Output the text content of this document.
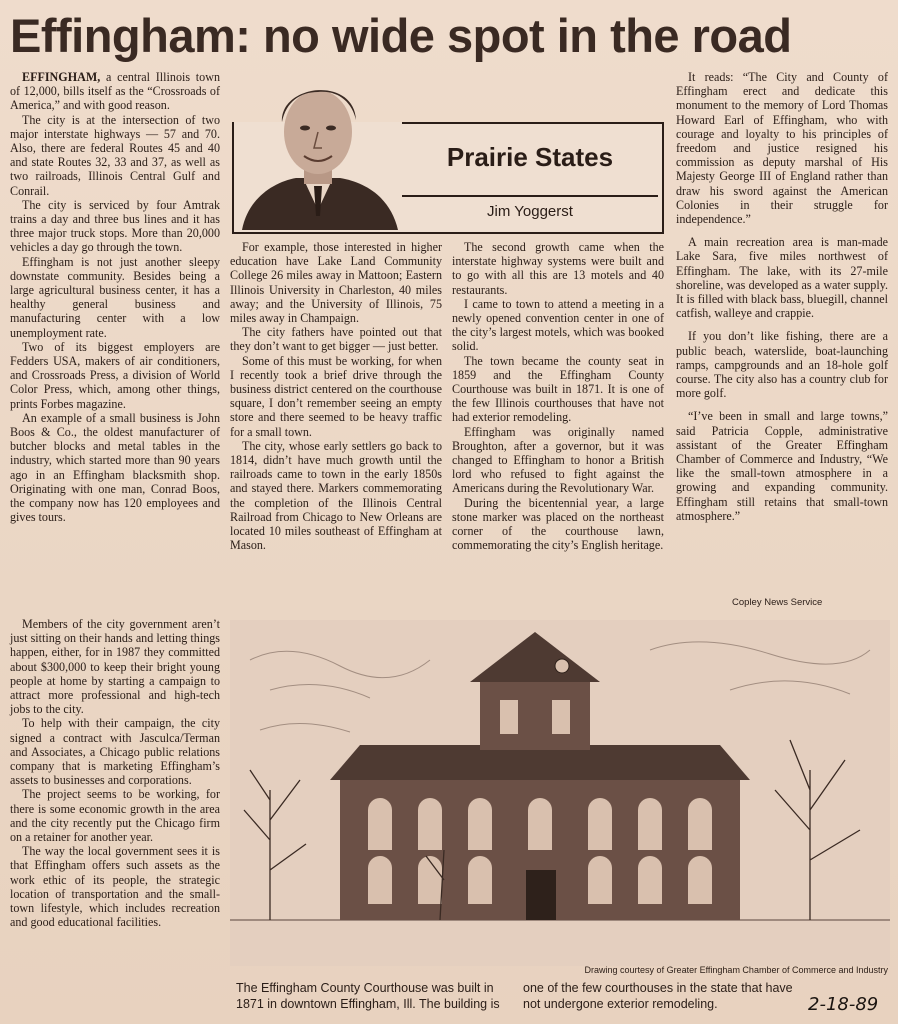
Effingham: no wide spot in the road

EFFINGHAM, a central Illinois town of 12,000, bills itself as the “Crossroads of America,” and with good reason.

The city is at the intersection of two major interstate highways — 57 and 70. Also, there are federal Routes 45 and 40 and state Routes 32, 33 and 37, as well as two railroads, Illinois Central Gulf and Conrail.

The city is serviced by four Amtrak trains a day and three bus lines and it has three major truck stops. More than 20,000 vehicles a day go through the town.

Effingham is not just another sleepy downstate community. Besides being a large agricultural business center, it has a healthy general business and manufacturing center with a low unemployment rate.

Two of its biggest employers are Fedders USA, makers of air conditioners, and Crossroads Press, a division of World Color Press, which, among other things, prints Forbes magazine.

An example of a small business is John Boos & Co., the oldest manufacturer of butcher blocks and metal tables in the industry, which started more than 90 years ago in an Effingham blacksmith shop. Originating with one man, Conrad Boos, the company now has 120 employees and gives tours.

Members of the city government aren’t just sitting on their hands and letting things happen, either, for in 1987 they committed about $300,000 to keep their bright young people at home by starting a campaign to attract more professional and high-tech jobs to the city.

To help with their campaign, the city signed a contract with Jasculca/Terman and Associates, a Chicago public relations company that is marketing Effingham’s assets to businesses and corporations.

The project seems to be working, for there is some economic growth in the area and the city recently put the Chicago firm on a retainer for another year.

The way the local government sees it is that Effingham offers such assets as the work ethic of its people, the strategic location of transportation and the small-town lifestyle, which includes recreation and good educational facilities.

Prairie States
Jim Yoggerst

For example, those interested in higher education have Lake Land Community College 26 miles away in Mattoon; Eastern Illinois University in Charleston, 40 miles away; and the University of Illinois, 75 miles away in Champaign.

The city fathers have pointed out that they don’t want to get bigger — just better.

Some of this must be working, for when I recently took a brief drive through the business district centered on the courthouse square, I don’t remember seeing an empty store and there seemed to be heavy traffic for a small town.

The city, whose early settlers go back to 1814, didn’t have much growth until the railroads came to town in the early 1850s and stayed there. Markers commemorating the completion of the Illinois Central Railroad from Chicago to New Orleans are located 10 miles southeast of Effingham at Mason.

The second growth came when the interstate highway systems were built and to go with all this are 13 motels and 40 restaurants.

I came to town to attend a meeting in a newly opened convention center in one of the city’s largest motels, which was booked solid.

The town became the county seat in 1859 and the Effingham County Courthouse was built in 1871. It is one of the few Illinois courthouses that have not had exterior remodeling.

Effingham was originally named Broughton, after a governor, but it was changed to Effingham to honor a British lord who refused to fight against the Americans during the Revolutionary War.

During the bicentennial year, a large stone marker was placed on the northeast corner of the courthouse lawn, commemorating the city’s English heritage.

It reads: “The City and County of Effingham erect and dedicate this monument to the memory of Lord Thomas Howard Earl of Effingham, who with courage and loyalty to his principles of freedom and justice resigned his commission as deputy marshal of His Majesty George III of England rather than draw his sword against the American Colonies in their struggle for independence.”

A main recreation area is man-made Lake Sara, five miles northwest of Effingham. The lake, with its 27-mile shoreline, was developed as a water supply. It is filled with black bass, bluegill, channel catfish, walleye and crappie.

If you don’t like fishing, there are a public beach, waterslide, boat-launching ramps, campgrounds and an 18-hole golf course. The city also has a country club for more golf.

“I’ve been in small and large towns,” said Patricia Copple, administrative assistant of the Greater Effingham Chamber of Commerce and Industry, “We like the small-town atmosphere in a growing and expanding community. Effingham still retains that small-town atmosphere.”

Copley News Service
Drawing courtesy of Greater Effingham Chamber of Commerce and Industry
The Effingham County Courthouse was built in 1871 in downtown Effingham, Ill. The building is one of the few courthouses in the state that have not undergone exterior remodeling.	2-18-89
